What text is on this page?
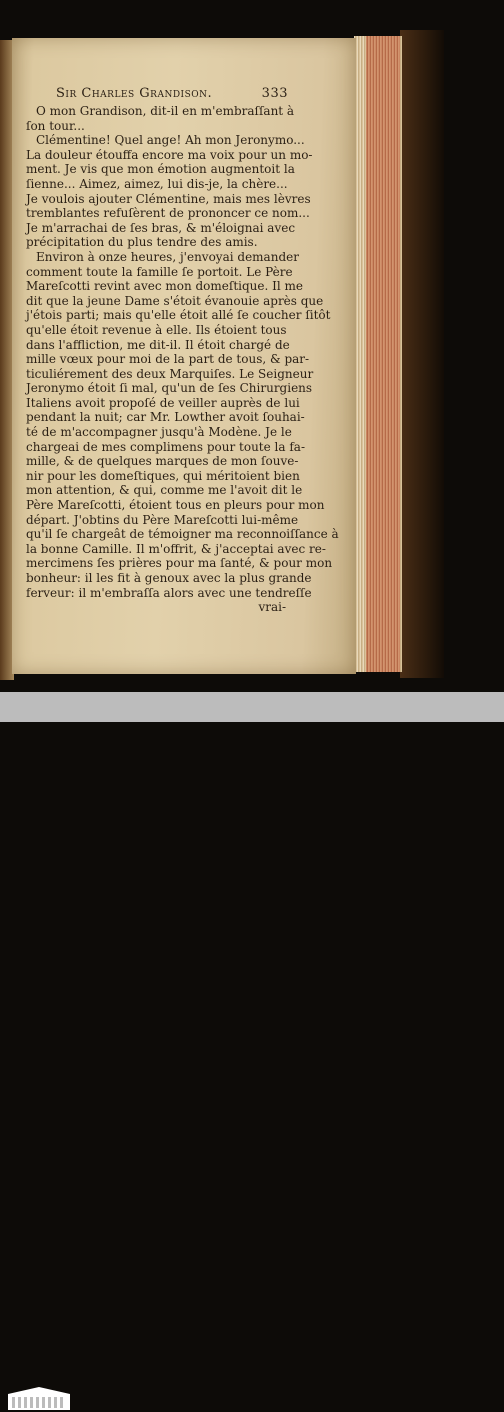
Sir Charles Grandison.	333
O mon Grandison, dit-il en m'embraſſant à
ſon tour...
Clémentine! Quel ange! Ah mon Jeronymo...
La douleur étouffa encore ma voix pour un mo-
ment. Je vis que mon émotion augmentoit la
ſienne... Aimez, aimez, lui dis-je, la chère...
Je voulois ajouter Clémentine, mais mes lèvres
tremblantes refuſèrent de prononcer ce nom...
Je m'arrachai de ſes bras, & m'éloignai avec
précipitation du plus tendre des amis.
Environ à onze heures, j'envoyai demander
comment toute la famille ſe portoit. Le Père
Mareſcotti revint avec mon domeſtique. Il me
dit que la jeune Dame s'étoit évanouie après que
j'étois parti; mais qu'elle étoit allé ſe coucher ſitôt
qu'elle étoit revenue à elle. Ils étoient tous
dans l'affliction, me dit-il. Il étoit chargé de
mille vœux pour moi de la part de tous, & par-
ticuliérement des deux Marquiſes. Le Seigneur
Jeronymo étoit ſi mal, qu'un de ſes Chirurgiens
Italiens avoit propoſé de veiller auprès de lui
pendant la nuit; car Mr. Lowther avoit ſouhai-
té de m'accompagner jusqu'à Modène. Je le
chargeai de mes complimens pour toute la fa-
mille, & de quelques marques de mon ſouve-
nir pour les domeſtiques, qui méritoient bien
mon attention, & qui, comme me l'avoit dit le
Père Mareſcotti, étoient tous en pleurs pour mon
départ. J'obtins du Père Mareſcotti lui-même
qu'il ſe chargeât de témoigner ma reconnoiſſance à
la bonne Camille. Il m'offrit, & j'acceptai avec re-
mercimens ſes prières pour ma ſanté, & pour mon
bonheur: il les fit à genoux avec la plus grande
ferveur: il m'embraſſa alors avec une tendreſſe
vrai-
